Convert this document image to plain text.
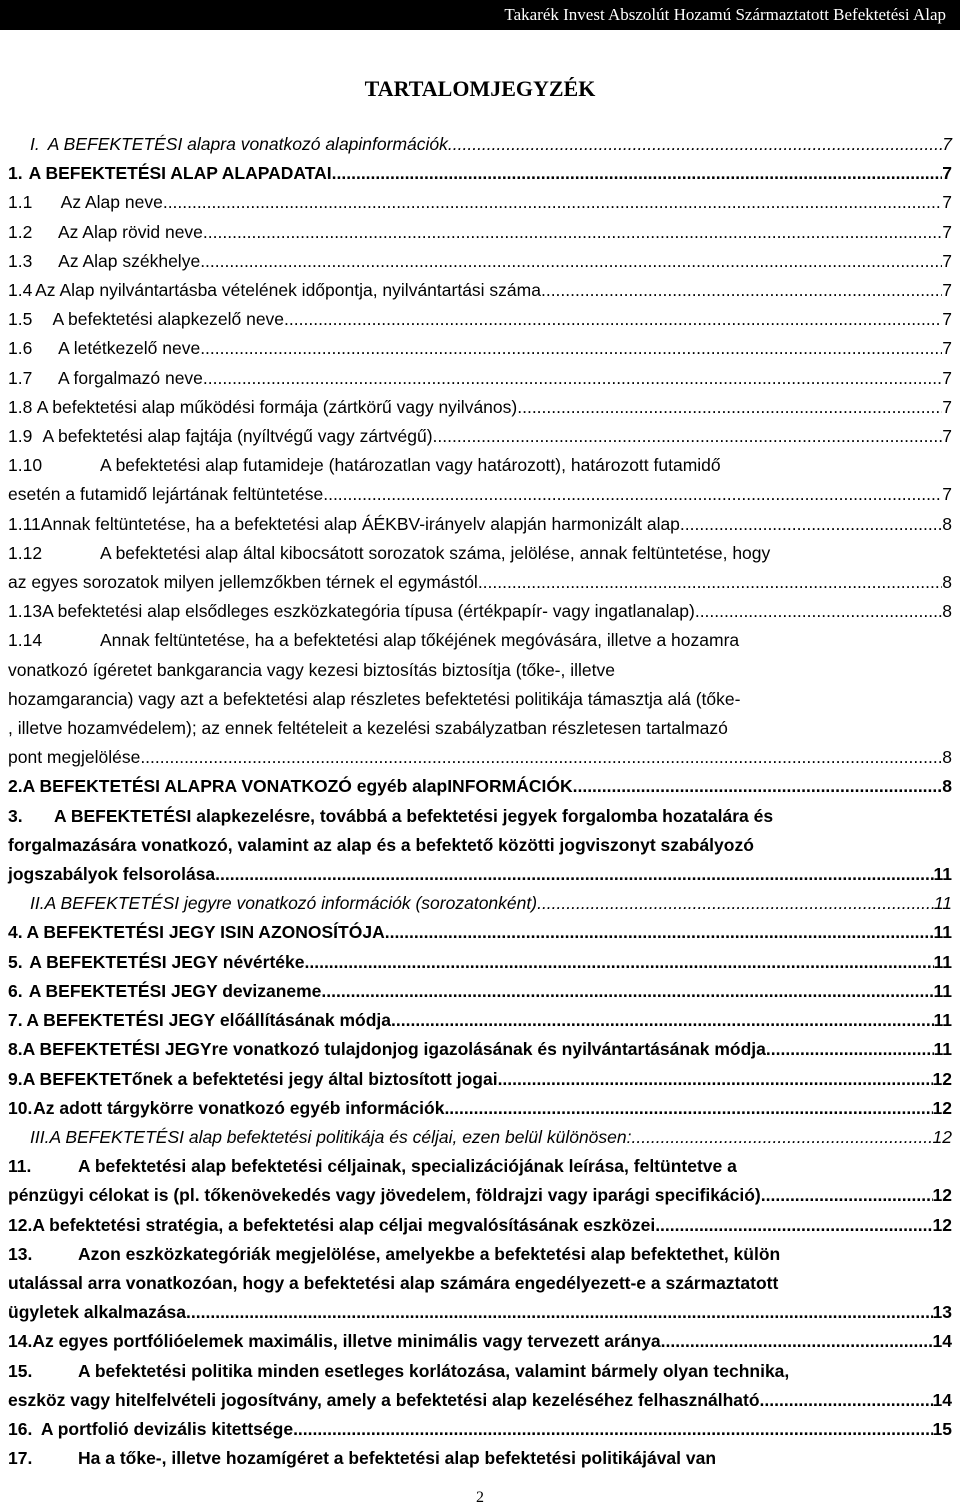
Takarék Invest Abszolút Hozamú Származtatott Befektetési Alap
TARTALOMJEGYZÉK
I. A BEFEKTETÉSI alapra vonatkozó alapinformációk .....	7
1. A BEFEKTETÉSI ALAP ALAPADATAI .....	7
1.1	Az Alap neve .....	7
1.2	Az Alap rövid neve .....	7
1.3	Az Alap székhelye .....	7
1.4 Az Alap nyilvántartásba vételének időpontja, nyilvántartási száma .....	7
1.5	A befektetési alapkezelő neve .....	7
1.6	A letétkezelő neve .....	7
1.7	A forgalmazó neve .....	7
1.8 A befektetési alap működési formája (zártkörű vagy nyilvános) .....	7
1.9 A befektetési alap fajtája (nyíltvégű vagy zártvégű) .....	7
1.10	A befektetési alap futamideje (határozatlan vagy határozott), határozott futamidő
esetén a futamidő lejártának feltüntetése .....	7
1.11 Annak feltüntetése, ha a befektetési alap ÁÉKBV-irányelv alapján harmonizált alap .....	8
1.12	A befektetési alap által kibocsátott sorozatok száma, jelölése, annak feltüntetése, hogy
az egyes sorozatok milyen jellemzőkben térnek el egymástól .....	8
1.13 A befektetési alap elsődleges eszközkategória típusa (értékpapír- vagy ingatlanalap) .....	8
1.14	Annak feltüntetése, ha a befektetési alap tőkéjének megóvására, illetve a hozamra
vonatkozó ígéretet bankgarancia vagy kezesi biztosítás biztosítja (tőke-, illetve
hozamgarancia) vagy azt a befektetési alap részletes befektetési politikája támasztja alá (tőke-
, illetve hozamvédelem); az ennek feltételeit a kezelési szabályzatban részletesen tartalmazó
pont megjelölése .....	8
2. A BEFEKTETÉSI ALAPRA VONATKOZÓ egyéb alapINFORMÁCIÓK .....	8
3.	A BEFEKTETÉSI alapkezelésre, továbbá a befektetési jegyek forgalomba hozatalára és
forgalmazására vonatkozó, valamint az alap és a befektető közötti jogviszonyt szabályozó
jogszabályok felsorolása .....	11
II. A BEFEKTETÉSI jegyre vonatkozó információk (sorozatonként) .....	11
4. A BEFEKTETÉSI JEGY ISIN AZONOSÍTÓJA .....	11
5. A BEFEKTETÉSI JEGY névértéke .....	11
6. A BEFEKTETÉSI JEGY devizaneme .....	11
7. A BEFEKTETÉSI JEGY előállításának módja .....	11
8. A BEFEKTETÉSI JEGYre vonatkozó tulajdonjog igazolásának és nyilvántartásának módja .....	11
9. A BEFEKTETőnek a befektetési jegy által biztosított jogai .....	12
10. Az adott tárgykörre vonatkozó egyéb információk .....	12
III. A BEFEKTETÉSI alap befektetési politikája és céljai, ezen belül különösen: .....	12
11.	A befektetési alap befektetési céljainak, specializációjának leírása, feltüntetve a
pénzügyi célokat is (pl. tőkenövekedés vagy jövedelem, földrajzi vagy iparági specifikáció) .....	12
12. A befektetési stratégia, a befektetési alap céljai megvalósításának eszközei .....	12
13.	Azon eszközkategóriák megjelölése, amelyekbe a befektetési alap befektethet, külön
utalással arra vonatkozóan, hogy a befektetési alap számára engedélyezett-e a származtatott
ügyletek alkalmazása .....	13
14. Az egyes portfólióelemek maximális, illetve minimális vagy tervezett aránya .....	14
15.	A befektetési politika minden esetleges korlátozása, valamint bármely olyan technika,
eszköz vagy hitelfelvételi jogosítvány, amely a befektetési alap kezeléséhez felhasználható .....	14
16. A portfolió devizális kitettsége .....	15
17.	Ha a tőke-, illetve hozamígéret a befektetési alap befektetési politikájával van
2
